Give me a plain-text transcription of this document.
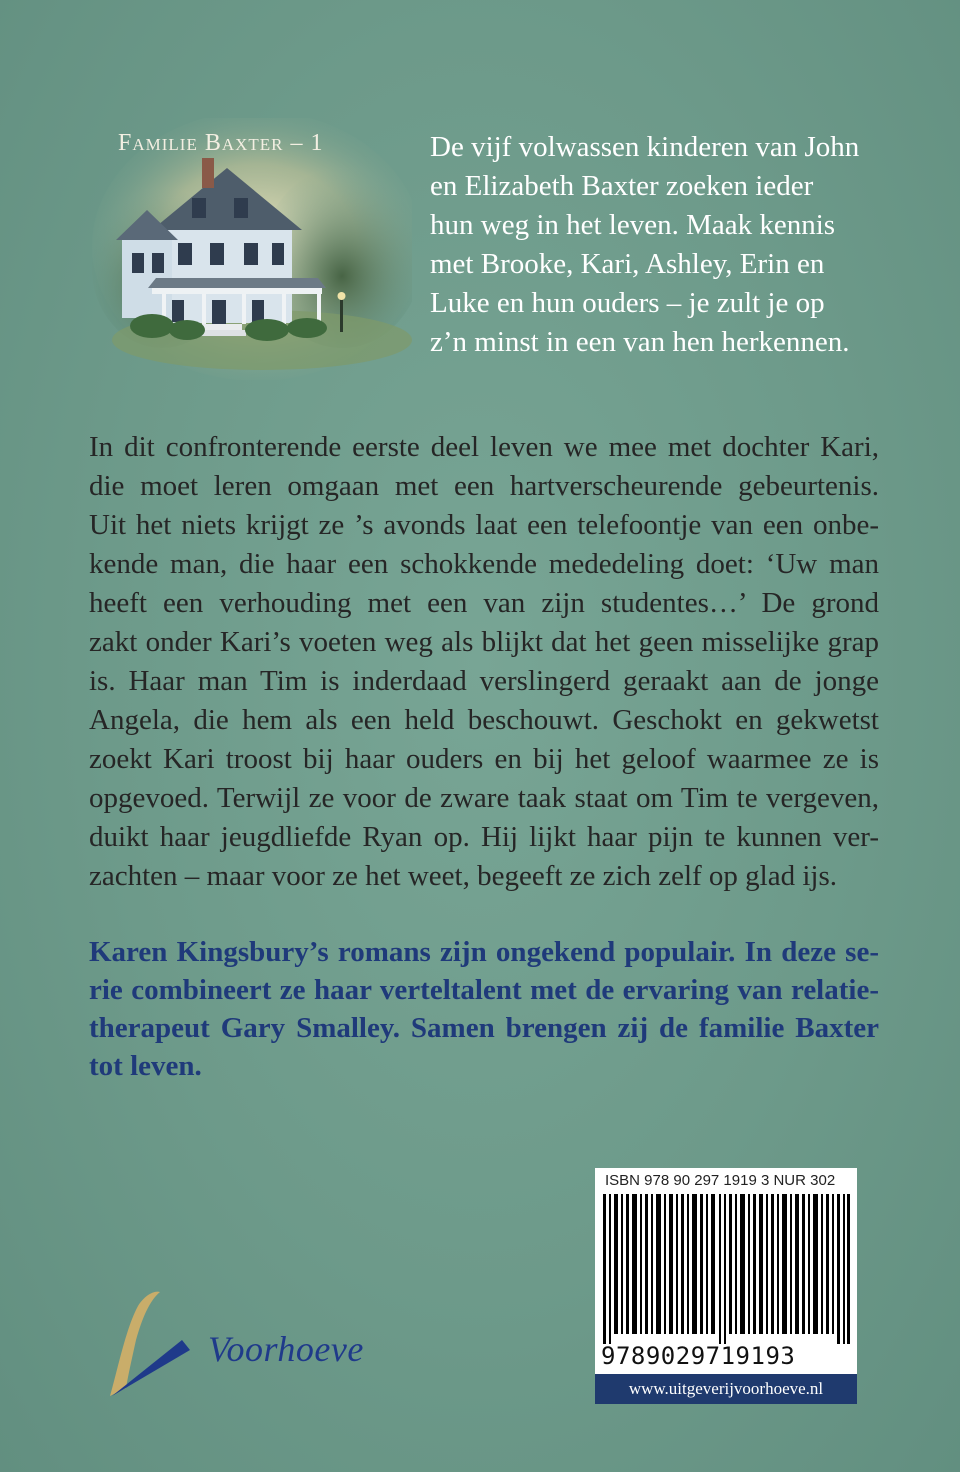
Familie Baxter – 1	De vijf volwassen kinderen van John
en Elizabeth Baxter zoeken ieder
hun weg in het leven. Maak kennis
met Brooke, Kari, Ashley, Erin en
Luke en hun ouders – je zult je op
z’n minst in een van hen herkennen.
In dit confronterende eerste deel leven we mee met dochter Kari,
die moet leren omgaan met een hartverscheurende gebeurtenis.
Uit het niets krijgt ze ’s avonds laat een telefoontje van een onbe-
kende man, die haar een schokkende mededeling doet: ‘Uw man
heeft een verhouding met een van zijn studentes…’ De grond
zakt onder Kari’s voeten weg als blijkt dat het geen misselijke grap
is. Haar man Tim is inderdaad verslingerd geraakt aan de jonge
Angela, die hem als een held beschouwt. Geschokt en gekwetst
zoekt Kari troost bij haar ouders en bij het geloof waarmee ze is
opgevoed. Terwijl ze voor de zware taak staat om Tim te vergeven,
duikt haar jeugdliefde Ryan op. Hij lijkt haar pijn te kunnen ver-
zachten – maar voor ze het weet, begeeft ze zich zelf op glad ijs.
Karen Kingsbury’s romans zijn ongekend populair. In deze se-
rie combineert ze haar verteltalent met de ervaring van relatie-
therapeut Gary Smalley. Samen brengen zij de familie Baxter
tot leven.
Voorhoeve
ISBN 978 90 297 1919 3 NUR 302
9789029719193
www.uitgeverijvoorhoeve.nl
